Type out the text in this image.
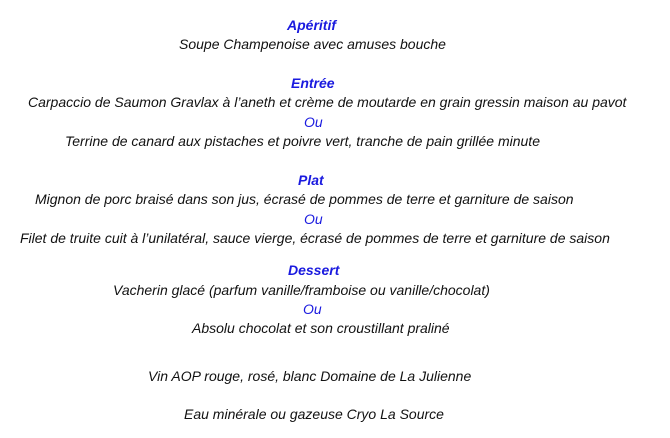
Apéritif
Soupe Champenoise avec amuses bouche
Entrée
Carpaccio de Saumon Gravlax à l’aneth et crème de moutarde en grain gressin maison au pavot
Ou
Terrine de canard aux pistaches et poivre vert, tranche de pain grillée minute
Plat
Mignon de porc braisé dans son jus, écrasé de pommes de terre et garniture de saison
Ou
Filet de truite cuit à l’unilatéral, sauce vierge, écrasé de pommes de terre et garniture de saison
Dessert
Vacherin glacé (parfum vanille/framboise ou vanille/chocolat)
Ou
Absolu chocolat et son croustillant praliné
Vin AOP rouge, rosé, blanc Domaine de La Julienne
Eau minérale ou gazeuse Cryo La Source
